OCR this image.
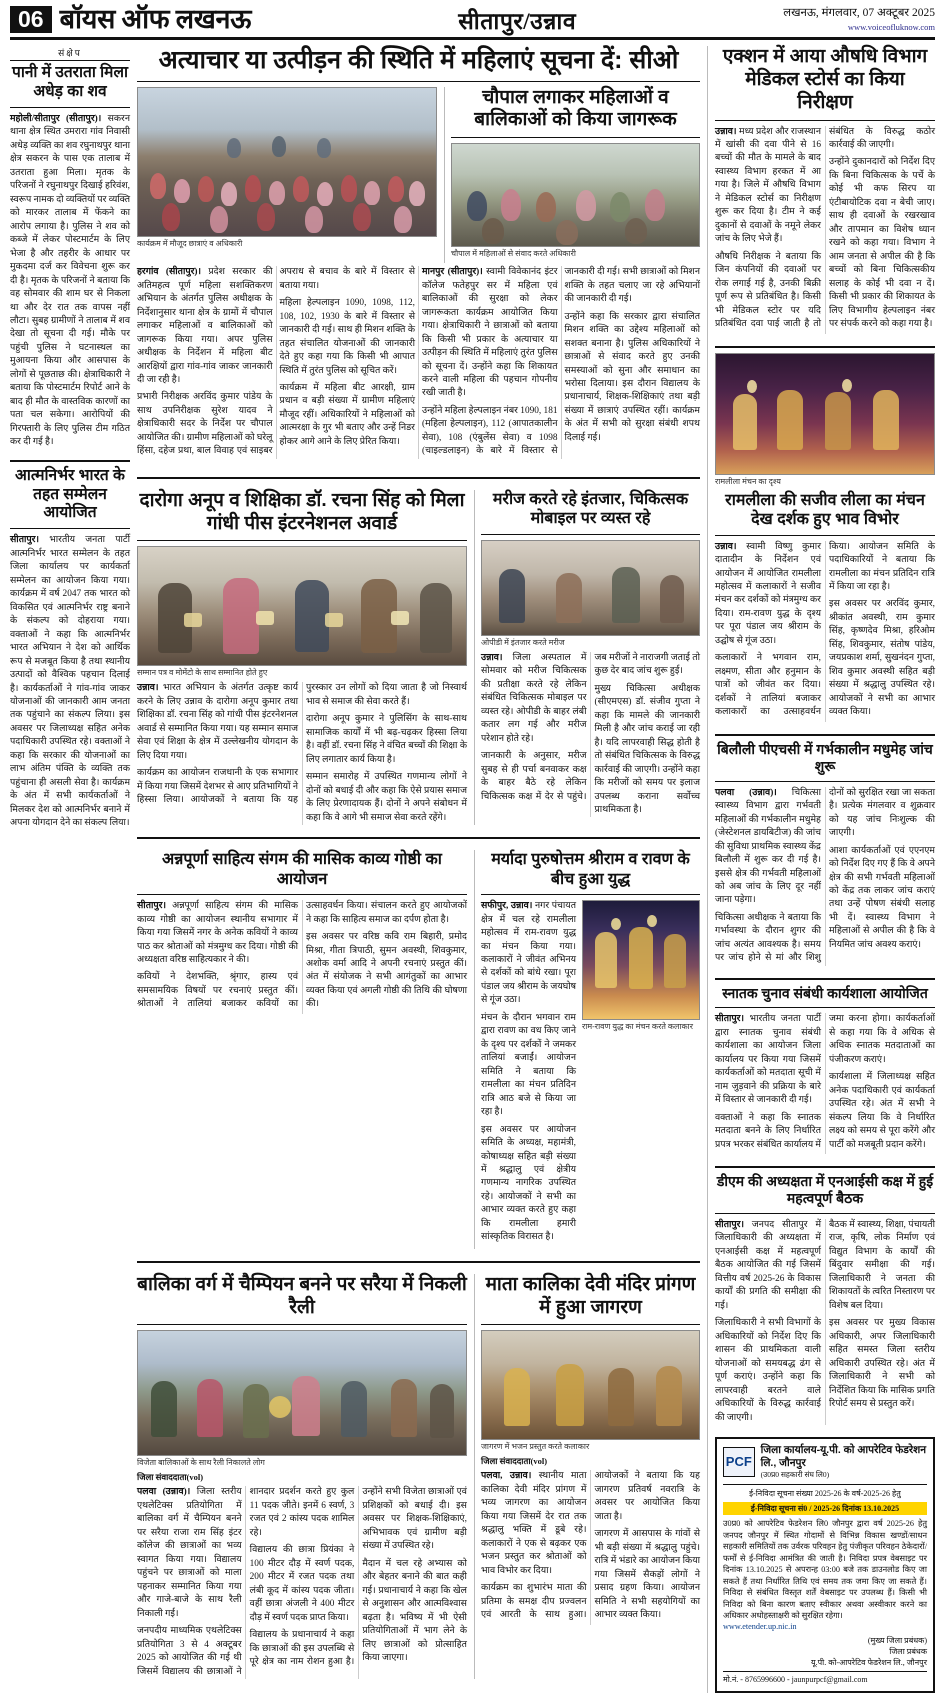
06 बॉयस ऑफ लखनऊ	सीतापुर/उन्नाव	लखनऊ, मंगलवार, 07 अक्टूबर 2025
www.voiceofluknow.com
संक्षेप
पानी में उतराता मिला अधेड़ का शव

महोली/सीतापुर (सीतापुर)। सकरन थाना क्षेत्र स्थित उमरारा गांव निवासी अधेड़ व्यक्ति का शव रघुनाथपुर थाना क्षेत्र सकरन के पास एक तालाब में उतराता हुआ मिला। मृतक के परिजनों ने रघुनाथपुर दिखाई हरिवंश, स्वरूप नामक दो व्यक्तियों पर व्यक्ति को मारकर तालाब में फेंकने का आरोप लगाया है। पुलिस ने शव को कब्जे में लेकर पोस्टमार्टम के लिए भेजा है और तहरीर के आधार पर मुकदमा दर्ज कर विवेचना शुरू कर दी है। मृतक के परिजनों ने बताया कि वह सोमवार की शाम घर से निकला था और देर रात तक वापस नहीं लौटा। सुबह ग्रामीणों ने तालाब में शव देखा तो सूचना दी गई। मौके पर पहुंची पुलिस ने घटनास्थल का मुआयना किया और आसपास के लोगों से पूछताछ की। क्षेत्राधिकारी ने बताया कि पोस्टमार्टम रिपोर्ट आने के बाद ही मौत के वास्तविक कारणों का पता चल सकेगा। आरोपियों की गिरफ्तारी के लिए पुलिस टीम गठित कर दी गई है।

आत्मनिर्भर भारत के तहत सम्मेलन आयोजित

सीतापुर। भारतीय जनता पार्टी आत्मनिर्भर भारत सम्मेलन के तहत जिला कार्यालय पर कार्यकर्ता सम्मेलन का आयोजन किया गया। कार्यक्रम में वर्ष 2047 तक भारत को विकसित एवं आत्मनिर्भर राष्ट्र बनाने के संकल्प को दोहराया गया। वक्ताओं ने कहा कि आत्मनिर्भर भारत अभियान ने देश को आर्थिक रूप से मजबूत किया है तथा स्थानीय उत्पादों को वैश्विक पहचान दिलाई है। कार्यकर्ताओं ने गांव-गांव जाकर योजनाओं की जानकारी आम जनता तक पहुंचाने का संकल्प लिया। इस अवसर पर जिलाध्यक्ष सहित अनेक पदाधिकारी उपस्थित रहे। वक्ताओं ने कहा कि सरकार की योजनाओं का लाभ अंतिम पंक्ति के व्यक्ति तक पहुंचाना ही असली सेवा है। कार्यक्रम के अंत में सभी कार्यकर्ताओं ने मिलकर देश को आत्मनिर्भर बनाने में अपना योगदान देने का संकल्प लिया।

अत्याचार या उत्पीड़न की स्थिति में महिलाएं सूचना दें: सीओ
कार्यक्रम में मौजूद छात्राएं व अधिकारी
चौपाल लगाकर महिलाओं व बालिकाओं को किया जागरूक
चौपाल में महिलाओं से संवाद करते अधिकारी

हरगांव (सीतापुर)। प्रदेश सरकार की अतिमहत्व पूर्ण महिला सशक्तिकरण अभियान के अंतर्गत पुलिस अधीक्षक के निर्देशानुसार थाना क्षेत्र के ग्रामों में चौपाल लगाकर महिलाओं व बालिकाओं को जागरूक किया गया। अपर पुलिस अधीक्षक के निर्देशन में महिला बीट आरक्षियों द्वारा गांव-गांव जाकर जानकारी दी जा रही है।

प्रभारी निरीक्षक अरविंद कुमार पांडेय के साथ उपनिरीक्षक सुरेश यादव ने क्षेत्राधिकारी सदर के निर्देश पर चौपाल आयोजित की। ग्रामीण महिलाओं को घरेलू हिंसा, दहेज प्रथा, बाल विवाह एवं साइबर अपराध से बचाव के बारे में विस्तार से बताया गया।

महिला हेल्पलाइन 1090, 1098, 112, 108, 102, 1930 के बारे में विस्तार से जानकारी दी गई। साथ ही मिशन शक्ति के तहत संचालित योजनाओं की जानकारी देते हुए कहा गया कि किसी भी आपात स्थिति में तुरंत पुलिस को सूचित करें।

कार्यक्रम में महिला बीट आरक्षी, ग्राम प्रधान व बड़ी संख्या में ग्रामीण महिलाएं मौजूद रहीं। अधिकारियों ने महिलाओं को आत्मरक्षा के गुर भी बताए और उन्हें निडर होकर आगे आने के लिए प्रेरित किया।

मानपुर (सीतापुर)। स्वामी विवेकानंद इंटर कॉलेज फतेहपुर सर में महिला एवं बालिकाओं की सुरक्षा को लेकर जागरूकता कार्यक्रम आयोजित किया गया। क्षेत्राधिकारी ने छात्राओं को बताया कि किसी भी प्रकार के अत्याचार या उत्पीड़न की स्थिति में महिलाएं तुरंत पुलिस को सूचना दें। उन्होंने कहा कि शिकायत करने वाली महिला की पहचान गोपनीय रखी जाती है।

उन्होंने महिला हेल्पलाइन नंबर 1090, 181 (महिला हेल्पलाइन), 112 (आपातकालीन सेवा), 108 (एंबुलेंस सेवा) व 1098 (चाइल्डलाइन) के बारे में विस्तार से जानकारी दी गई। सभी छात्राओं को मिशन शक्ति के तहत चलाए जा रहे अभियानों की जानकारी दी गई।

उन्होंने कहा कि सरकार द्वारा संचालित मिशन शक्ति का उद्देश्य महिलाओं को सशक्त बनाना है। पुलिस अधिकारियों ने छात्राओं से संवाद करते हुए उनकी समस्याओं को सुना और समाधान का भरोसा दिलाया। इस दौरान विद्यालय के प्रधानाचार्य, शिक्षक-शिक्षिकाएं तथा बड़ी संख्या में छात्राएं उपस्थित रहीं। कार्यक्रम के अंत में सभी को सुरक्षा संबंधी शपथ दिलाई गई।

दारोगा अनूप व शिक्षिका डॉ. रचना सिंह को मिला गांधी पीस इंटरनेशनल अवार्ड
सम्मान पत्र व मोमेंटो के साथ सम्मानित होते हुए

उन्नाव। भारत अभियान के अंतर्गत उत्कृष्ट कार्य करने के लिए उन्नाव के दारोगा अनूप कुमार तथा शिक्षिका डॉ. रचना सिंह को गांधी पीस इंटरनेशनल अवार्ड से सम्मानित किया गया। यह सम्मान समाज सेवा एवं शिक्षा के क्षेत्र में उल्लेखनीय योगदान के लिए दिया गया।

कार्यक्रम का आयोजन राजधानी के एक सभागार में किया गया जिसमें देशभर से आए प्रतिभागियों ने हिस्सा लिया। आयोजकों ने बताया कि यह पुरस्कार उन लोगों को दिया जाता है जो निस्वार्थ भाव से समाज की सेवा करते हैं।

दारोगा अनूप कुमार ने पुलिसिंग के साथ-साथ सामाजिक कार्यों में भी बढ़-चढ़कर हिस्सा लिया है। वहीं डॉ. रचना सिंह ने वंचित बच्चों की शिक्षा के लिए लगातार कार्य किया है।

सम्मान समारोह में उपस्थित गणमान्य लोगों ने दोनों को बधाई दी और कहा कि ऐसे प्रयास समाज के लिए प्रेरणादायक हैं। दोनों ने अपने संबोधन में कहा कि वे आगे भी समाज सेवा करते रहेंगे।

मरीज करते रहे इंतजार, चिकित्सक मोबाइल पर व्यस्त रहे
ओपीडी में इंतजार करते मरीज

उन्नाव। जिला अस्पताल में सोमवार को मरीज चिकित्सक की प्रतीक्षा करते रहे लेकिन संबंधित चिकित्सक मोबाइल पर व्यस्त रहे। ओपीडी के बाहर लंबी कतार लग गई और मरीज परेशान होते रहे।

जानकारी के अनुसार, मरीज सुबह से ही पर्चा बनवाकर कक्ष के बाहर बैठे रहे लेकिन चिकित्सक कक्ष में देर से पहुंचे। जब मरीजों ने नाराजगी जताई तो कुछ देर बाद जांच शुरू हुई।

मुख्य चिकित्सा अधीक्षक (सीएमएस) डॉ. संजीव गुप्ता ने कहा कि मामले की जानकारी मिली है और जांच कराई जा रही है। यदि लापरवाही सिद्ध होती है तो संबंधित चिकित्सक के विरुद्ध कार्रवाई की जाएगी। उन्होंने कहा कि मरीजों को समय पर इलाज उपलब्ध कराना सर्वोच्च प्राथमिकता है।

अन्नपूर्णा साहित्य संगम की मासिक काव्य गोष्ठी का आयोजन

सीतापुर। अन्नपूर्णा साहित्य संगम की मासिक काव्य गोष्ठी का आयोजन स्थानीय सभागार में किया गया जिसमें नगर के अनेक कवियों ने काव्य पाठ कर श्रोताओं को मंत्रमुग्ध कर दिया। गोष्ठी की अध्यक्षता वरिष्ठ साहित्यकार ने की।

कवियों ने देशभक्ति, श्रृंगार, हास्य एवं समसामयिक विषयों पर रचनाएं प्रस्तुत कीं। श्रोताओं ने तालियां बजाकर कवियों का उत्साहवर्धन किया। संचालन करते हुए आयोजकों ने कहा कि साहित्य समाज का दर्पण होता है।

इस अवसर पर वरिष्ठ कवि राम बिहारी, प्रमोद मिश्रा, गीता त्रिपाठी, सुमन अवस्थी, शिवकुमार, अशोक वर्मा आदि ने अपनी रचनाएं प्रस्तुत कीं। अंत में संयोजक ने सभी आगंतुकों का आभार व्यक्त किया एवं अगली गोष्ठी की तिथि की घोषणा की।

मर्यादा पुरुषोत्तम श्रीराम व रावण के बीच हुआ युद्ध

सफीपुर, उन्नाव। नगर पंचायत क्षेत्र में चल रहे रामलीला महोत्सव में राम-रावण युद्ध का मंचन किया गया। कलाकारों ने जीवंत अभिनय से दर्शकों को बांधे रखा। पूरा पंडाल जय श्रीराम के जयघोष से गूंज उठा।

मंचन के दौरान भगवान राम द्वारा रावण का वध किए जाने के दृश्य पर दर्शकों ने जमकर तालियां बजाईं। आयोजन समिति ने बताया कि रामलीला का मंचन प्रतिदिन रात्रि आठ बजे से किया जा रहा है।

इस अवसर पर आयोजन समिति के अध्यक्ष, महामंत्री, कोषाध्यक्ष सहित बड़ी संख्या में श्रद्धालु एवं क्षेत्रीय गणमान्य नागरिक उपस्थित रहे। आयोजकों ने सभी का आभार व्यक्त करते हुए कहा कि रामलीला हमारी सांस्कृतिक विरासत है।

राम-रावण युद्ध का मंचन करते कलाकार
बालिका वर्ग में चैम्पियन बनने पर सरैया में निकली रैली
विजेता बालिकाओं के साथ रैली निकालते लोग
जिला संवाददाता(vol)

पलवा (उन्नाव)। जिला स्तरीय एथलेटिक्स प्रतियोगिता में बालिका वर्ग में चैम्पियन बनने पर सरैया राजा राम सिंह इंटर कॉलेज की छात्राओं का भव्य स्वागत किया गया। विद्यालय पहुंचने पर छात्राओं को माला पहनाकर सम्मानित किया गया और गाजे-बाजे के साथ रैली निकाली गई।

जनपदीय माध्यमिक एथलेटिक्स प्रतियोगिता 3 से 4 अक्टूबर 2025 को आयोजित की गई थी जिसमें विद्यालय की छात्राओं ने शानदार प्रदर्शन करते हुए कुल 11 पदक जीते। इनमें 6 स्वर्ण, 3 रजत एवं 2 कांस्य पदक शामिल रहे।

विद्यालय की छात्रा प्रियंका ने 100 मीटर दौड़ में स्वर्ण पदक, 200 मीटर में रजत पदक तथा लंबी कूद में कांस्य पदक जीता। वहीं छात्रा अंजली ने 400 मीटर दौड़ में स्वर्ण पदक प्राप्त किया।

विद्यालय के प्रधानाचार्य ने कहा कि छात्राओं की इस उपलब्धि से पूरे क्षेत्र का नाम रोशन हुआ है। उन्होंने सभी विजेता छात्राओं एवं प्रशिक्षकों को बधाई दी। इस अवसर पर शिक्षक-शिक्षिकाएं, अभिभावक एवं ग्रामीण बड़ी संख्या में उपस्थित रहे।

मैदान में चल रहे अभ्यास को और बेहतर बनाने की बात कही गई। प्रधानाचार्य ने कहा कि खेल से अनुशासन और आत्मविश्वास बढ़ता है। भविष्य में भी ऐसी प्रतियोगिताओं में भाग लेने के लिए छात्राओं को प्रोत्साहित किया जाएगा।

माता कालिका देवी मंदिर प्रांगण में हुआ जागरण
जागरण में भजन प्रस्तुत करते कलाकार
जिला संवाददाता(vol)

पलवा, उन्नाव। स्थानीय माता कालिका देवी मंदिर प्रांगण में भव्य जागरण का आयोजन किया गया जिसमें देर रात तक श्रद्धालु भक्ति में डूबे रहे। कलाकारों ने एक से बढ़कर एक भजन प्रस्तुत कर श्रोताओं को भाव विभोर कर दिया।

कार्यक्रम का शुभारंभ माता की प्रतिमा के समक्ष दीप प्रज्वलन एवं आरती के साथ हुआ। आयोजकों ने बताया कि यह जागरण प्रतिवर्ष नवरात्रि के अवसर पर आयोजित किया जाता है।

जागरण में आसपास के गांवों से भी बड़ी संख्या में श्रद्धालु पहुंचे। रात्रि में भंडारे का आयोजन किया गया जिसमें सैकड़ों लोगों ने प्रसाद ग्रहण किया। आयोजन समिति ने सभी सहयोगियों का आभार व्यक्त किया।

एक्शन में आया औषधि विभाग मेडिकल स्टोर्स का किया निरीक्षण

उन्नाव। मध्य प्रदेश और राजस्थान में खांसी की दवा पीने से 16 बच्चों की मौत के मामले के बाद स्वास्थ्य विभाग हरकत में आ गया है। जिले में औषधि विभाग ने मेडिकल स्टोर्स का निरीक्षण शुरू कर दिया है। टीम ने कई दुकानों से दवाओं के नमूने लेकर जांच के लिए भेजे हैं।

औषधि निरीक्षक ने बताया कि जिन कंपनियों की दवाओं पर रोक लगाई गई है, उनकी बिक्री पूर्ण रूप से प्रतिबंधित है। किसी भी मेडिकल स्टोर पर यदि प्रतिबंधित दवा पाई जाती है तो संबंधित के विरुद्ध कठोर कार्रवाई की जाएगी।

उन्होंने दुकानदारों को निर्देश दिए कि बिना चिकित्सक के पर्चे के कोई भी कफ सिरप या एंटीबायोटिक दवा न बेची जाए। साथ ही दवाओं के रखरखाव और तापमान का विशेष ध्यान रखने को कहा गया। विभाग ने आम जनता से अपील की है कि बच्चों को बिना चिकित्सकीय सलाह के कोई भी दवा न दें। किसी भी प्रकार की शिकायत के लिए विभागीय हेल्पलाइन नंबर पर संपर्क करने को कहा गया है।

रामलीला मंचन का दृश्य
रामलीला की सजीव लीला का मंचन देख दर्शक हुए भाव विभोर

उन्नाव। स्वामी विष्णु कुमार दातादीन के निर्देशन एवं आयोजन में आयोजित रामलीला महोत्सव में कलाकारों ने सजीव मंचन कर दर्शकों को मंत्रमुग्ध कर दिया। राम-रावण युद्ध के दृश्य पर पूरा पंडाल जय श्रीराम के उद्घोष से गूंज उठा।

कलाकारों ने भगवान राम, लक्ष्मण, सीता और हनुमान के पात्रों को जीवंत कर दिया। दर्शकों ने तालियां बजाकर कलाकारों का उत्साहवर्धन किया। आयोजन समिति के पदाधिकारियों ने बताया कि रामलीला का मंचन प्रतिदिन रात्रि में किया जा रहा है।

इस अवसर पर अरविंद कुमार, श्रीकांत अवस्थी, राम कुमार सिंह, कृष्णदेव मिश्रा, हरिओम सिंह, शिवकुमार, संतोष पांडेय, जयप्रकाश शर्मा, सुखनंदन गुप्ता, शिव कुमार अवस्थी सहित बड़ी संख्या में श्रद्धालु उपस्थित रहे। आयोजकों ने सभी का आभार व्यक्त किया।

बिलौली पीएचसी में गर्भकालीन मधुमेह जांच शुरू

पलवा (उन्नाव)। चिकित्सा स्वास्थ्य विभाग द्वारा गर्भवती महिलाओं की गर्भकालीन मधुमेह (जेस्टेशनल डायबिटीज) की जांच की सुविधा प्राथमिक स्वास्थ्य केंद्र बिलौली में शुरू कर दी गई है। इससे क्षेत्र की गर्भवती महिलाओं को अब जांच के लिए दूर नहीं जाना पड़ेगा।

चिकित्सा अधीक्षक ने बताया कि गर्भावस्था के दौरान शुगर की जांच अत्यंत आवश्यक है। समय पर जांच होने से मां और शिशु दोनों को सुरक्षित रखा जा सकता है। प्रत्येक मंगलवार व शुक्रवार को यह जांच निःशुल्क की जाएगी।

आशा कार्यकर्ताओं एवं एएनएम को निर्देश दिए गए हैं कि वे अपने क्षेत्र की सभी गर्भवती महिलाओं को केंद्र तक लाकर जांच कराएं तथा उन्हें पोषण संबंधी सलाह भी दें। स्वास्थ्य विभाग ने महिलाओं से अपील की है कि वे नियमित जांच अवश्य कराएं।

स्नातक चुनाव संबंधी कार्यशाला आयोजित

सीतापुर। भारतीय जनता पार्टी द्वारा स्नातक चुनाव संबंधी कार्यशाला का आयोजन जिला कार्यालय पर किया गया जिसमें कार्यकर्ताओं को मतदाता सूची में नाम जुड़वाने की प्रक्रिया के बारे में विस्तार से जानकारी दी गई।

वक्ताओं ने कहा कि स्नातक मतदाता बनने के लिए निर्धारित प्रपत्र भरकर संबंधित कार्यालय में जमा करना होगा। कार्यकर्ताओं से कहा गया कि वे अधिक से अधिक स्नातक मतदाताओं का पंजीकरण कराएं।

कार्यशाला में जिलाध्यक्ष सहित अनेक पदाधिकारी एवं कार्यकर्ता उपस्थित रहे। अंत में सभी ने संकल्प लिया कि वे निर्धारित लक्ष्य को समय से पूरा करेंगे और पार्टी को मजबूती प्रदान करेंगे।

डीएम की अध्यक्षता में एनआईसी कक्ष में हुई महत्वपूर्ण बैठक

सीतापुर। जनपद सीतापुर में जिलाधिकारी की अध्यक्षता में एनआईसी कक्ष में महत्वपूर्ण बैठक आयोजित की गई जिसमें वित्तीय वर्ष 2025-26 के विकास कार्यों की प्रगति की समीक्षा की गई।

जिलाधिकारी ने सभी विभागों के अधिकारियों को निर्देश दिए कि शासन की प्राथमिकता वाली योजनाओं को समयबद्ध ढंग से पूर्ण कराएं। उन्होंने कहा कि लापरवाही बरतने वाले अधिकारियों के विरुद्ध कार्रवाई की जाएगी।

बैठक में स्वास्थ्य, शिक्षा, पंचायती राज, कृषि, लोक निर्माण एवं विद्युत विभाग के कार्यों की बिंदुवार समीक्षा की गई। जिलाधिकारी ने जनता की शिकायतों के त्वरित निस्तारण पर विशेष बल दिया।

इस अवसर पर मुख्य विकास अधिकारी, अपर जिलाधिकारी सहित समस्त जिला स्तरीय अधिकारी उपस्थित रहे। अंत में जिलाधिकारी ने सभी को निर्देशित किया कि मासिक प्रगति रिपोर्ट समय से प्रस्तुत करें।

PCF
जिला कार्यालय-यू.पी. को आपरेटिव फेडरेशन लि., जौनपुर
(उ0प्र0 सहकारी संघ लि0)
ई-निविदा सूचना संख्या 2025-26 के वर्ष-2025-26 हेतु
ई-निविदा सूचना सं0 / 2025-26 दिनांक 13.10.2025
उ0प्र0 को आपरेटिव फेडरेशन लि0 जौनपुर द्वारा वर्ष 2025-26 हेतु जनपद जौनपुर में स्थित गोदामों से विभिन्न विकास खण्डों/साधन सहकारी समितियों तक उर्वरक परिवहन हेतु पंजीकृत परिवहन ठेकेदारों/फर्मों से ई-निविदा आमंत्रित की जाती है। निविदा प्रपत्र वेबसाइट पर दिनांक 13.10.2025 से अपरान्ह 03:00 बजे तक डाउनलोड किए जा सकते हैं तथा निर्धारित तिथि एवं समय तक जमा किए जा सकते हैं। निविदा से संबंधित विस्तृत शर्तें वेबसाइट पर उपलब्ध हैं। किसी भी निविदा को बिना कारण बताए स्वीकार अथवा अस्वीकार करने का अधिकार अधोहस्ताक्षरी को सुरक्षित रहेगा।
www.etender.up.nic.in
(मुख्य जिला प्रबंधक)
जिला प्रबंधक
यू.पी. को-आपरेटिव फेडरेशन लि., जौनपुर
मो.नं. - 8765996600 - jaunpurpcf@gmail.com
